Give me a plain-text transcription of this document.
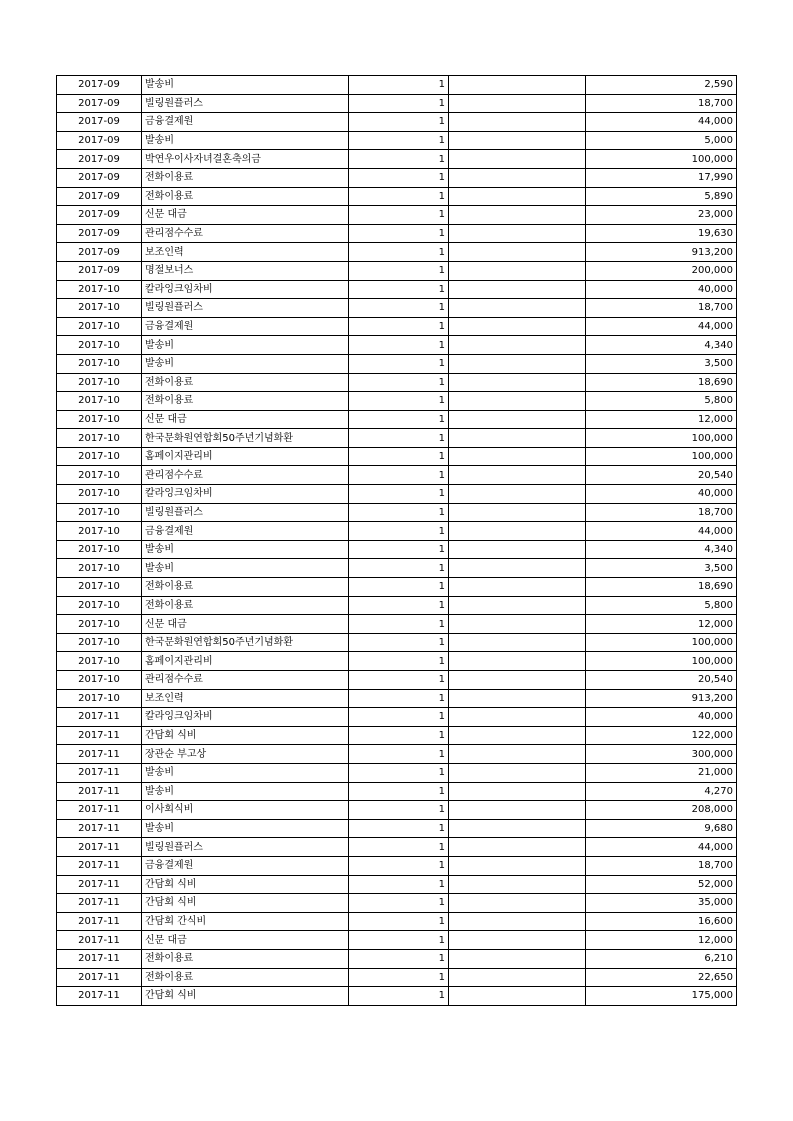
2017-09	발송비	1		2,590
2017-09	빌링원플러스	1		18,700
2017-09	금융결제원	1		44,000
2017-09	발송비	1		5,000
2017-09	박연우이사자녀결혼축의금	1		100,000
2017-09	전화이용료	1		17,990
2017-09	전화이용료	1		5,890
2017-09	신문 대금	1		23,000
2017-09	관리점수수료	1		19,630
2017-09	보조인력	1		913,200
2017-09	명절보너스	1		200,000
2017-10	칼라잉크임차비	1		40,000
2017-10	빌링원플러스	1		18,700
2017-10	금융결제원	1		44,000
2017-10	발송비	1		4,340
2017-10	발송비	1		3,500
2017-10	전화이용료	1		18,690
2017-10	전화이용료	1		5,800
2017-10	신문 대금	1		12,000
2017-10	한국문화원연합회50주년기념화환	1		100,000
2017-10	홈페이지관리비	1		100,000
2017-10	관리점수수료	1		20,540
2017-10	칼라잉크임차비	1		40,000
2017-10	빌링원플러스	1		18,700
2017-10	금융결제원	1		44,000
2017-10	발송비	1		4,340
2017-10	발송비	1		3,500
2017-10	전화이용료	1		18,690
2017-10	전화이용료	1		5,800
2017-10	신문 대금	1		12,000
2017-10	한국문화원연합회50주년기념화환	1		100,000
2017-10	홈페이지관리비	1		100,000
2017-10	관리점수수료	1		20,540
2017-10	보조인력	1		913,200
2017-11	칼라잉크임차비	1		40,000
2017-11	간담회 식비	1		122,000
2017-11	장관순 부고상	1		300,000
2017-11	발송비	1		21,000
2017-11	발송비	1		4,270
2017-11	이사회식비	1		208,000
2017-11	발송비	1		9,680
2017-11	빌링원플러스	1		44,000
2017-11	금융결제원	1		18,700
2017-11	간담회 식비	1		52,000
2017-11	간담회 식비	1		35,000
2017-11	간담회 간식비	1		16,600
2017-11	신문 대금	1		12,000
2017-11	전화이용료	1		6,210
2017-11	전화이용료	1		22,650
2017-11	간담회 식비	1		175,000
